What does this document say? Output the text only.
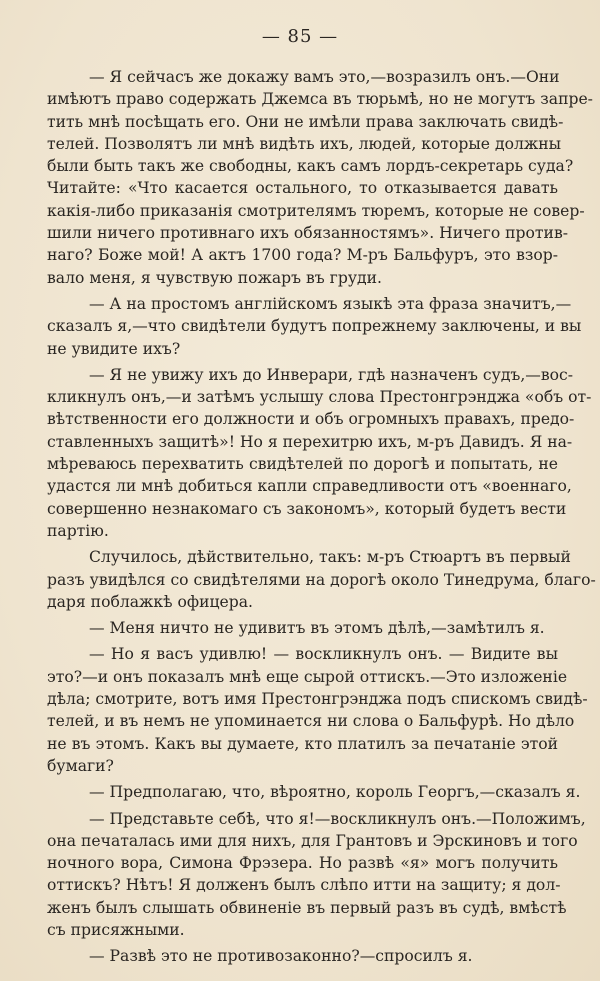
— 85 —
— Я сейчасъ же докажу вамъ это,—возразилъ онъ.—Они
имѣютъ право содержать Джемса въ тюрьмѣ, но не могутъ запре-
тить мнѣ посѣщать его. Они не имѣли права заключать свидѣ-
телей. Позволятъ ли мнѣ видѣть ихъ, людей, которые должны
были быть такъ же свободны, какъ самъ лордъ-секретарь суда?
Читайте: «Что касается остального, то отказывается давать
какія-либо приказанія смотрителямъ тюремъ, которые не совер-
шили ничего противнаго ихъ обязанностямъ». Ничего против-
наго? Боже мой! А актъ 1700 года? М-ръ Бальфуръ, это взор-
вало меня, я чувствую пожаръ въ груди.
— А на простомъ англійскомъ языкѣ эта фраза значитъ,—
сказалъ я,—что свидѣтели будутъ попрежнему заключены, и вы
не увидите ихъ?
— Я не увижу ихъ до Инверари, гдѣ назначенъ судъ,—вос-
кликнулъ онъ,—и затѣмъ услышу слова Престонгрэнджа «объ от-
вѣтственности его должности и объ огромныхъ правахъ, предо-
ставленныхъ защитѣ»! Но я перехитрю ихъ, м-ръ Давидъ. Я на-
мѣреваюсь перехватить свидѣтелей по дорогѣ и попытать, не
удастся ли мнѣ добиться капли справедливости отъ «военнаго,
совершенно незнакомаго съ закономъ», который будетъ вести
партію.
Случилось, дѣйствительно, такъ: м-ръ Стюартъ въ первый
разъ увидѣлся со свидѣтелями на дорогѣ около Тинедрума, благо-
даря поблажкѣ офицера.
— Меня ничто не удивитъ въ этомъ дѣлѣ,—замѣтилъ я.
— Но я васъ удивлю! — воскликнулъ онъ. — Видите вы
это?—и онъ показалъ мнѣ еще сырой оттискъ.—Это изложеніе
дѣла; смотрите, вотъ имя Престонгрэнджа подъ спискомъ свидѣ-
телей, и въ немъ не упоминается ни слова о Бальфурѣ. Но дѣло
не въ этомъ. Какъ вы думаете, кто платилъ за печатаніе этой
бумаги?
— Предполагаю, что, вѣроятно, король Георгъ,—сказалъ я.
— Представьте себѣ, что я!—воскликнулъ онъ.—Положимъ,
она печаталась ими для нихъ, для Грантовъ и Эрскиновъ и того
ночного вора, Симона Фрэзера. Но развѣ «я» могъ получить
оттискъ? Нѣтъ! Я долженъ былъ слѣпо итти на защиту; я дол-
женъ былъ слышать обвиненіе въ первый разъ въ судѣ, вмѣстѣ
съ присяжными.
— Развѣ это не противозаконно?—спросилъ я.
